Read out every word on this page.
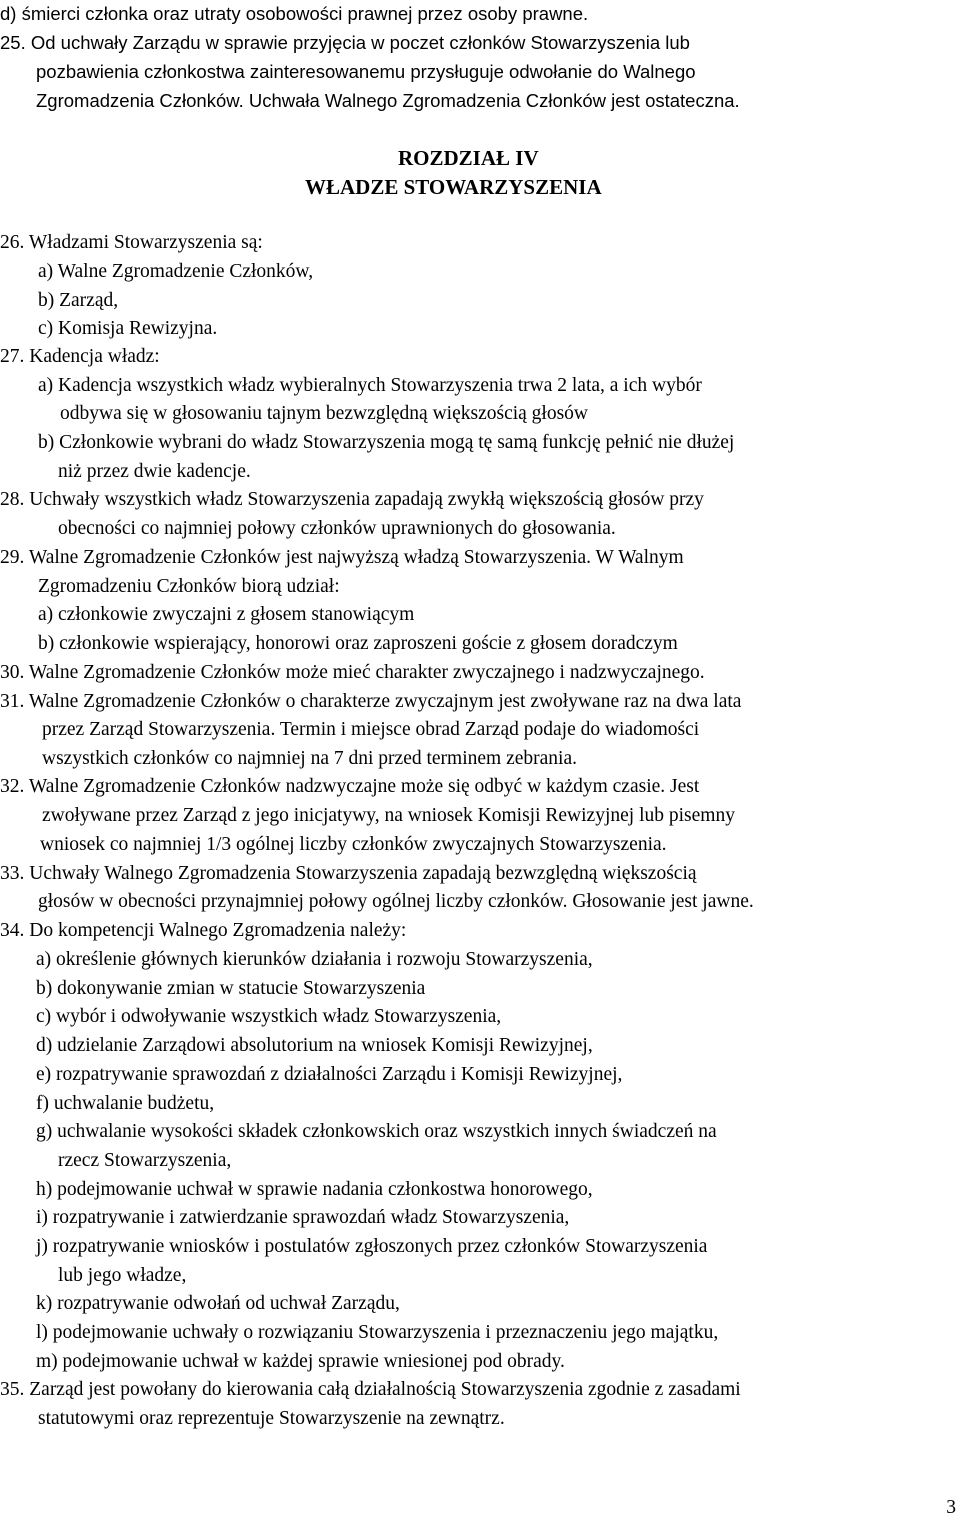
d) śmierci członka oraz utraty osobowości prawnej przez osoby prawne.
25. Od uchwały Zarządu w sprawie przyjęcia w poczet członków Stowarzyszenia lub
pozbawienia członkostwa zainteresowanemu przysługuje odwołanie do Walnego
Zgromadzenia Członków. Uchwała Walnego Zgromadzenia Członków jest ostateczna.
ROZDZIAŁ IV
WŁADZE STOWARZYSZENIA
26. Władzami Stowarzyszenia są:
a) Walne Zgromadzenie Członków,
b) Zarząd,
c) Komisja Rewizyjna.
27. Kadencja władz:
a) Kadencja wszystkich władz wybieralnych Stowarzyszenia trwa 2 lata, a ich wybór
odbywa się w głosowaniu tajnym bezwzględną większością głosów
b) Członkowie wybrani do władz Stowarzyszenia mogą tę samą funkcję pełnić nie dłużej
niż przez dwie kadencje.
28. Uchwały wszystkich władz Stowarzyszenia zapadają zwykłą większością głosów przy
obecności co najmniej połowy członków uprawnionych do głosowania.
29. Walne Zgromadzenie Członków jest najwyższą władzą Stowarzyszenia. W Walnym
Zgromadzeniu Członków biorą udział:
a) członkowie zwyczajni z głosem stanowiącym
b) członkowie wspierający, honorowi oraz zaproszeni goście z głosem doradczym
30. Walne Zgromadzenie Członków może mieć charakter zwyczajnego i nadzwyczajnego.
31. Walne Zgromadzenie Członków o charakterze zwyczajnym jest zwoływane raz na dwa lata
przez Zarząd Stowarzyszenia. Termin i miejsce obrad Zarząd podaje do wiadomości
wszystkich członków co najmniej na 7 dni przed terminem zebrania.
32. Walne Zgromadzenie Członków nadzwyczajne może się odbyć w każdym czasie. Jest
zwoływane przez Zarząd z jego inicjatywy, na wniosek Komisji Rewizyjnej lub pisemny
wniosek co najmniej 1/3 ogólnej liczby członków zwyczajnych Stowarzyszenia.
33. Uchwały Walnego Zgromadzenia Stowarzyszenia zapadają bezwzględną większością
głosów w obecności przynajmniej połowy ogólnej liczby członków. Głosowanie jest jawne.
34. Do kompetencji Walnego Zgromadzenia należy:
a) określenie głównych kierunków działania i rozwoju Stowarzyszenia,
b) dokonywanie zmian w statucie Stowarzyszenia
c) wybór i odwoływanie wszystkich władz Stowarzyszenia,
d) udzielanie Zarządowi absolutorium na wniosek Komisji Rewizyjnej,
e) rozpatrywanie sprawozdań z działalności Zarządu i Komisji Rewizyjnej,
f) uchwalanie budżetu,
g) uchwalanie wysokości składek członkowskich oraz wszystkich innych świadczeń na
rzecz Stowarzyszenia,
h) podejmowanie uchwał w sprawie nadania członkostwa honorowego,
i) rozpatrywanie i zatwierdzanie sprawozdań władz Stowarzyszenia,
j) rozpatrywanie wniosków i postulatów zgłoszonych przez członków Stowarzyszenia
lub jego władze,
k) rozpatrywanie odwołań od uchwał Zarządu,
l) podejmowanie uchwały o rozwiązaniu Stowarzyszenia i przeznaczeniu jego majątku,
m) podejmowanie uchwał w każdej sprawie wniesionej pod obrady.
35. Zarząd jest powołany do kierowania całą działalnością Stowarzyszenia zgodnie z zasadami
statutowymi oraz reprezentuje Stowarzyszenie na zewnątrz.
3
